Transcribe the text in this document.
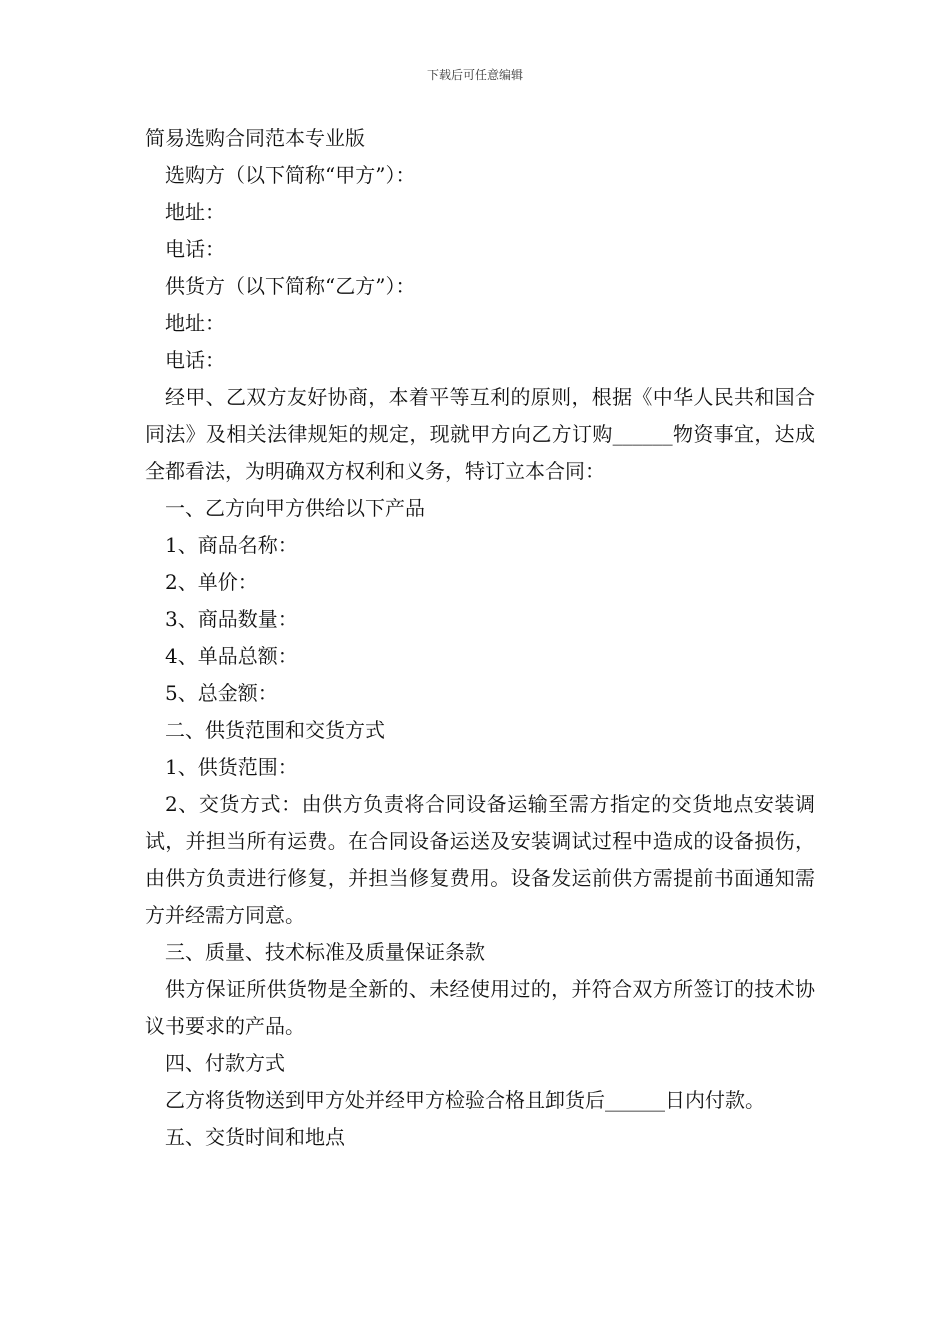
下载后可任意编辑

简易选购合同范本专业版

选购方（以下简称“甲方”）：

地址：

电话：

供货方（以下简称“乙方”）：

地址：

电话：

经甲、乙双方友好协商，本着平等互利的原则，根据《中华人民共和国合同法》及相关法律规矩的规定，现就甲方向乙方订购______物资事宜，达成全都看法，为明确双方权利和义务，特订立本合同：

一、乙方向甲方供给以下产品

1、商品名称：

2、单价：

3、商品数量：

4、单品总额：

5、总金额：

二、供货范围和交货方式

1、供货范围：

2、交货方式：由供方负责将合同设备运输至需方指定的交货地点安装调试，并担当所有运费。在合同设备运送及安装调试过程中造成的设备损伤，由供方负责进行修复，并担当修复费用。设备发运前供方需提前书面通知需方并经需方同意。

三、质量、技术标准及质量保证条款

供方保证所供货物是全新的、未经使用过的，并符合双方所签订的技术协议书要求的产品。

四、付款方式

乙方将货物送到甲方处并经甲方检验合格且卸货后______日内付款。

五、交货时间和地点
